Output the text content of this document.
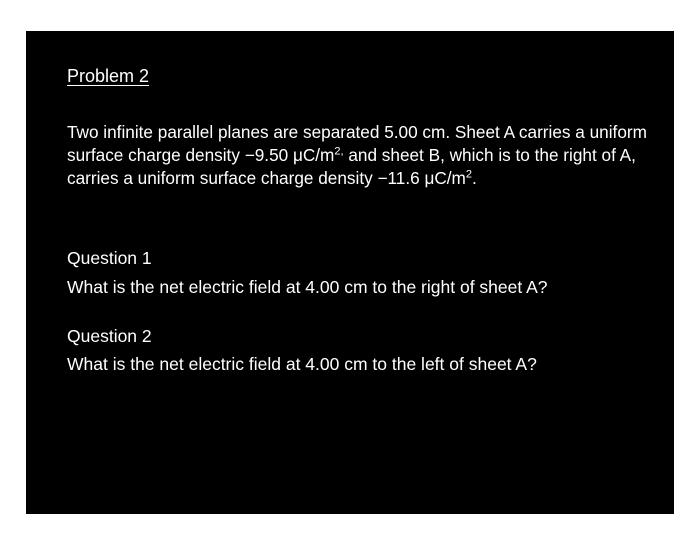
Problem 2

Two infinite parallel planes are separated 5.00 cm. Sheet A carries a uniform surface charge density −9.50 $\mu C/m^{2,}$ and sheet B, which is to the right of A, carries a uniform surface charge density −11.6 $\mu C/m^2$.

Question 1
What is the net electric field at 4.00 cm to the right of sheet A?
Question 2
What is the net electric field at 4.00 cm to the left of sheet A?
